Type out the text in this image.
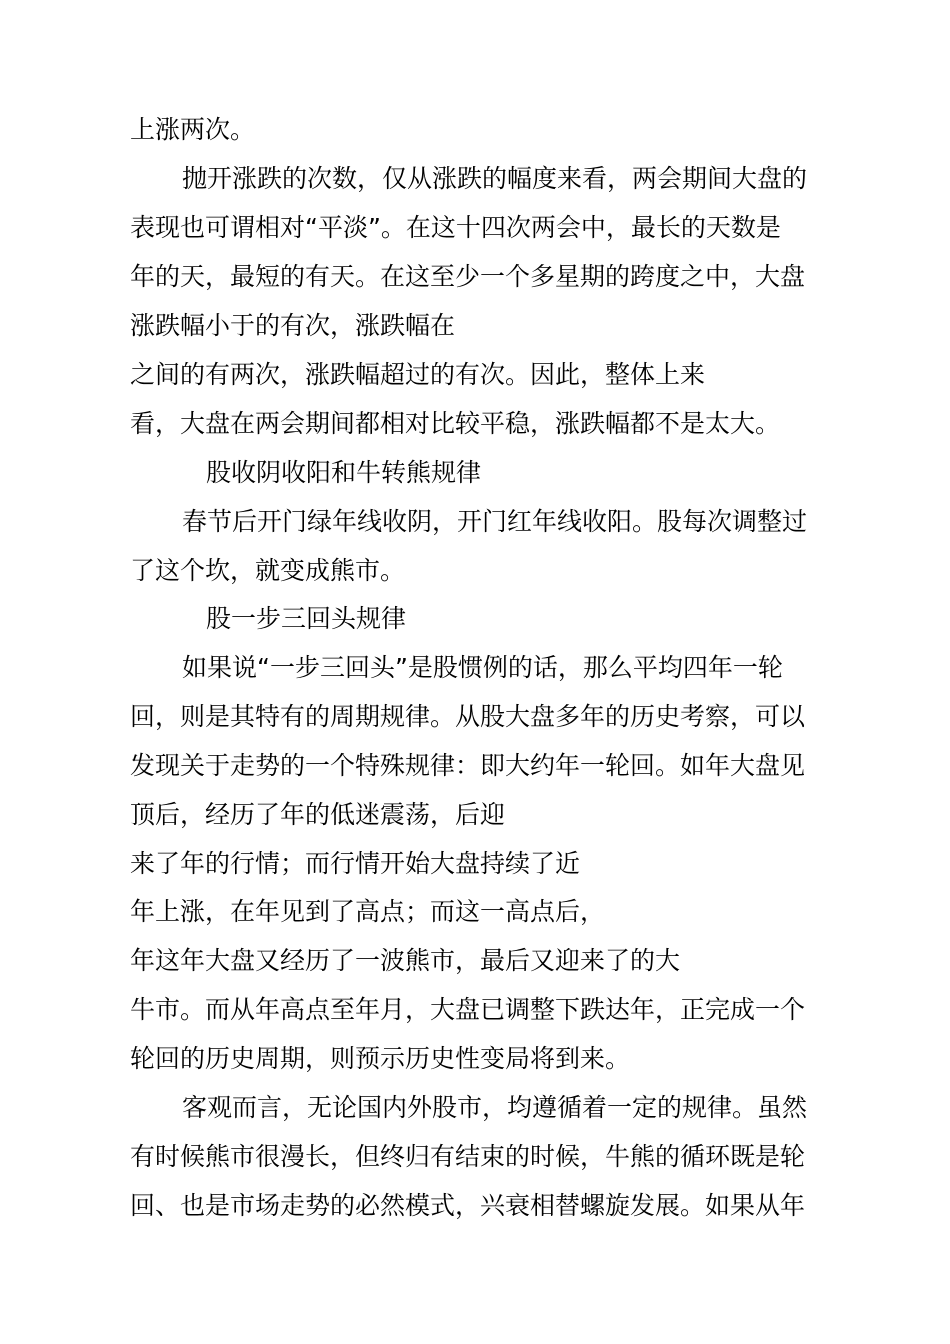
上涨两次。
抛开涨跌的次数，仅从涨跌的幅度来看，两会期间大盘的
表现也可谓相对“平淡”。在这十四次两会中，最长的天数是
年的天，最短的有天。在这至少一个多星期的跨度之中，大盘
涨跌幅小于的有次，涨跌幅在
之间的有两次，涨跌幅超过的有次。因此，整体上来
看，大盘在两会期间都相对比较平稳，涨跌幅都不是太大。
股收阴收阳和牛转熊规律
春节后开门绿年线收阴，开门红年线收阳。股每次调整过
了这个坎，就变成熊市。
股一步三回头规律
如果说“一步三回头”是股惯例的话，那么平均四年一轮
回，则是其特有的周期规律。从股大盘多年的历史考察，可以
发现关于走势的一个特殊规律：即大约年一轮回。如年大盘见
顶后，经历了年的低迷震荡，后迎
来了年的行情；而行情开始大盘持续了近
年上涨，在年见到了高点；而这一高点后，
年这年大盘又经历了一波熊市，最后又迎来了的大
牛市。而从年高点至年月，大盘已调整下跌达年，正完成一个
轮回的历史周期，则预示历史性变局将到来。
客观而言，无论国内外股市，均遵循着一定的规律。虽然
有时候熊市很漫长，但终归有结束的时候，牛熊的循环既是轮
回、也是市场走势的必然模式，兴衰相替螺旋发展。如果从年
